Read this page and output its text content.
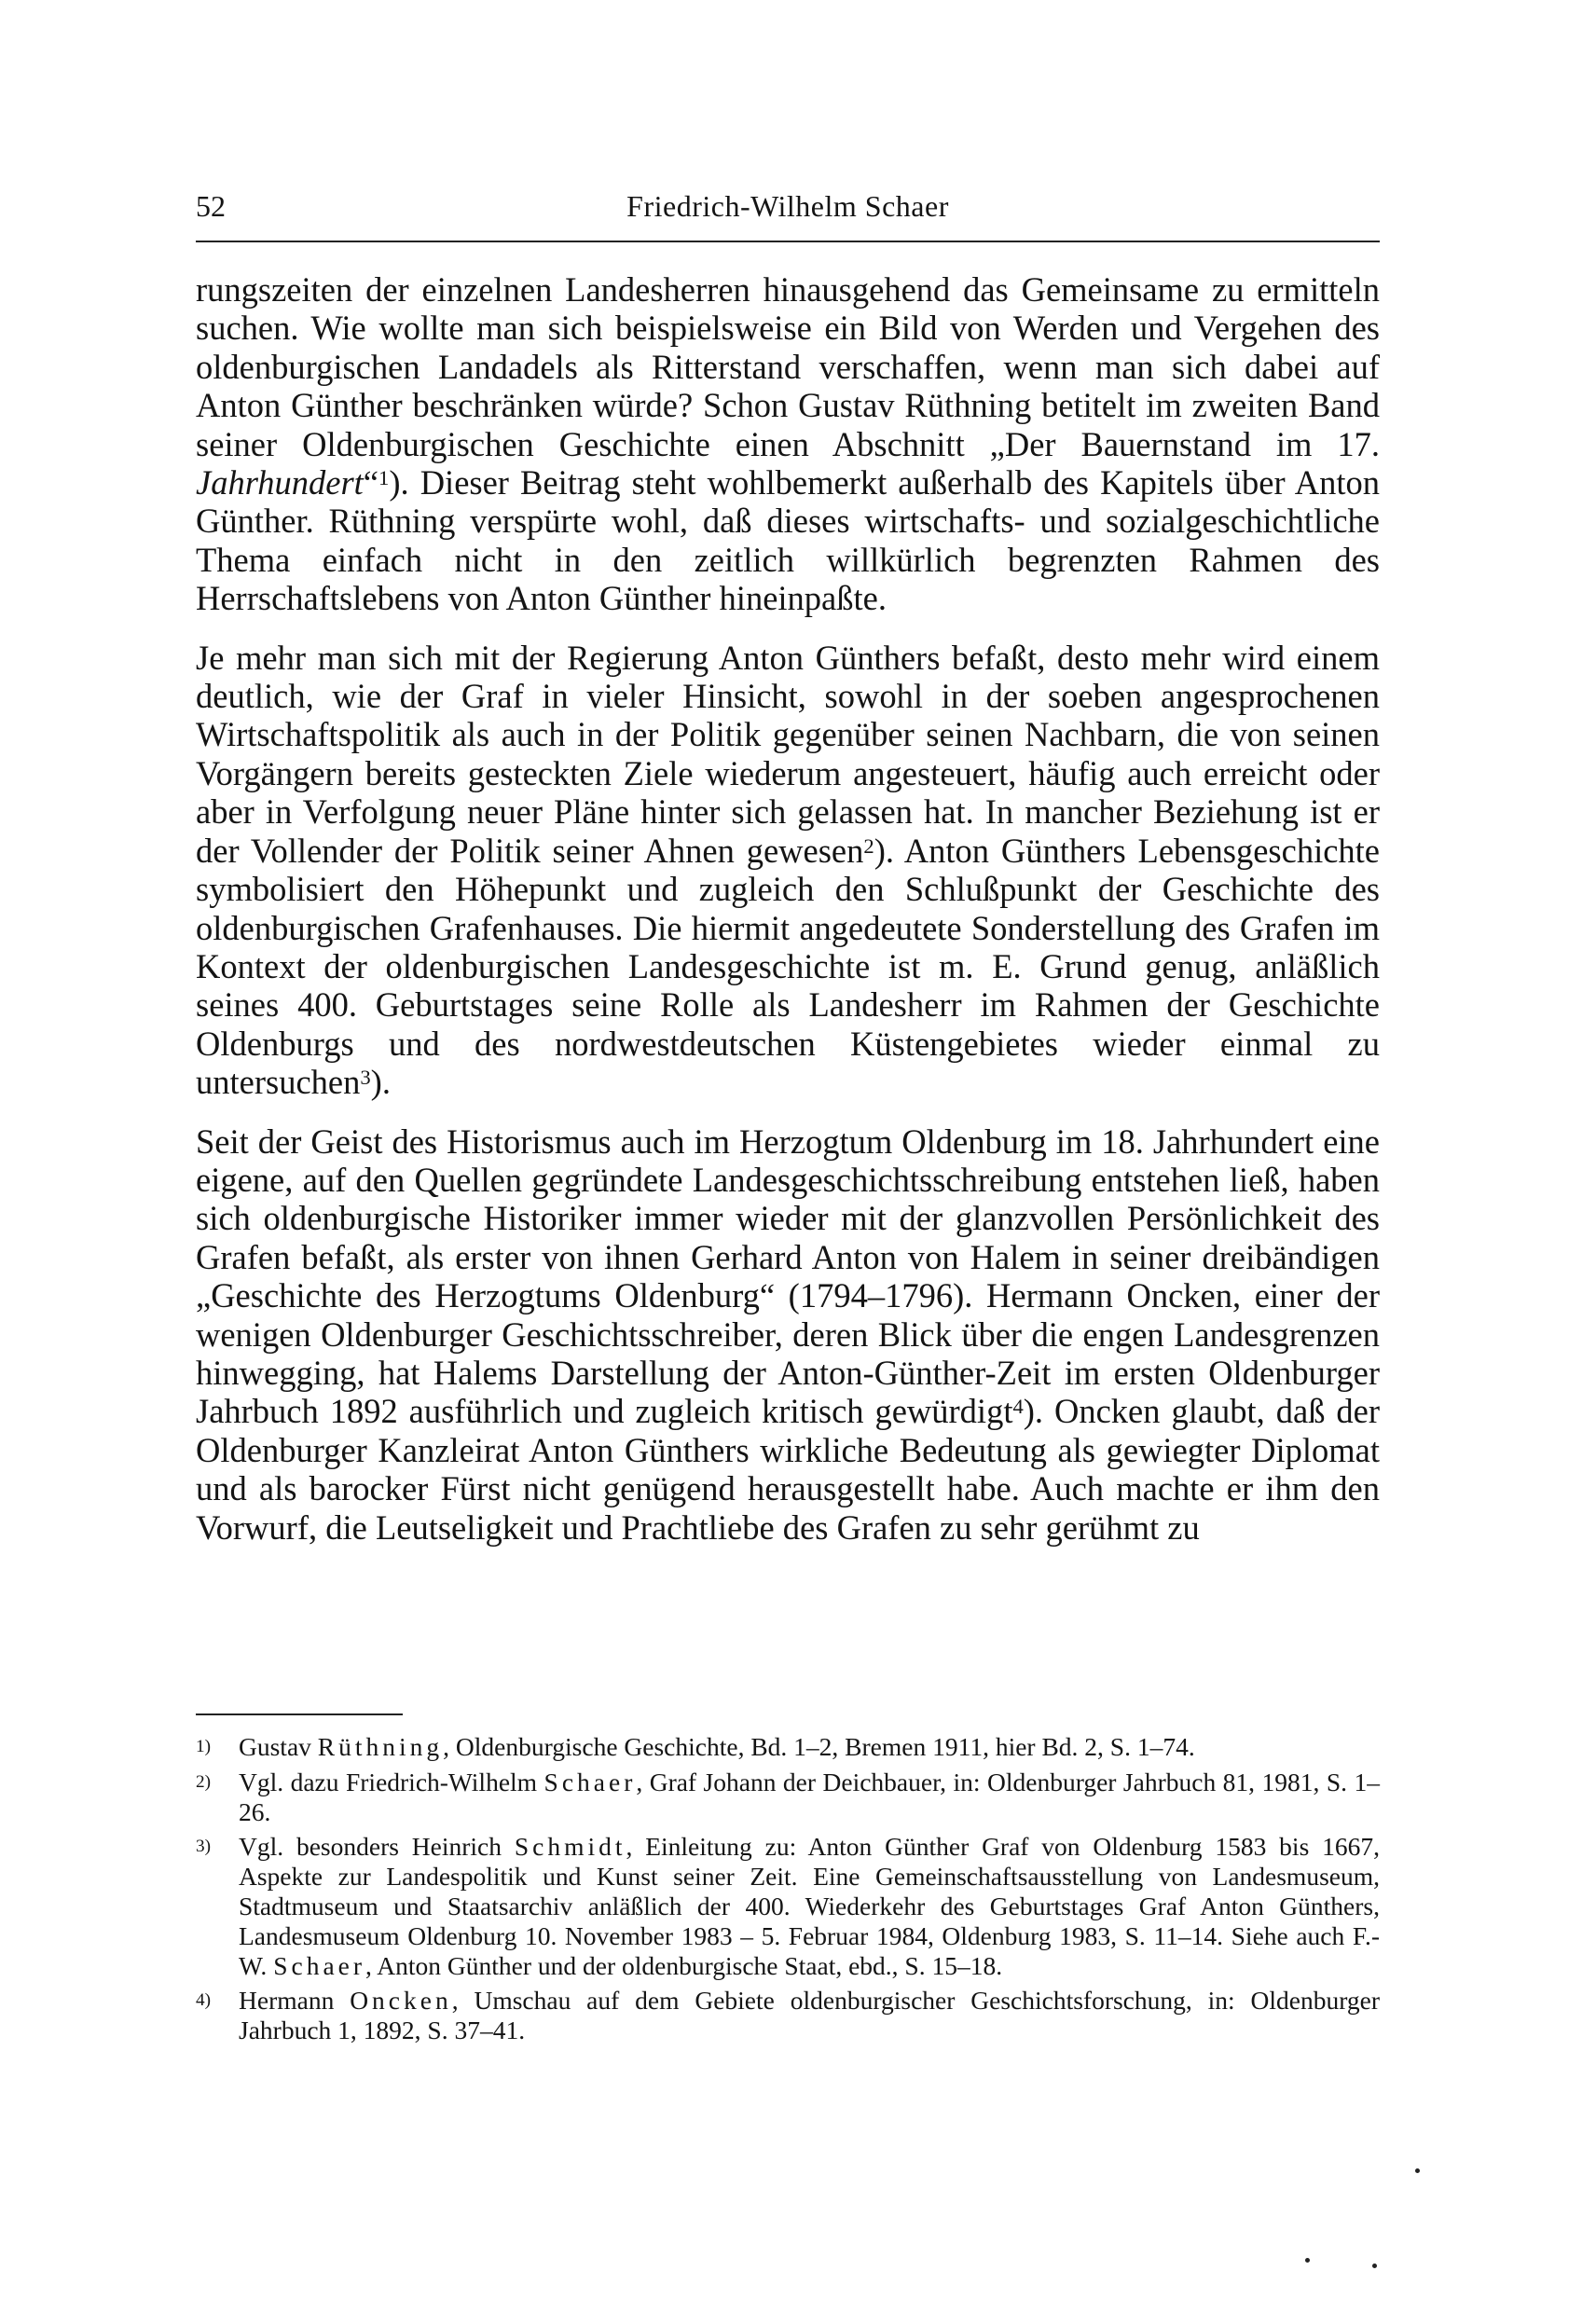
52	Friedrich-Wilhelm Schaer

rungszeiten der einzelnen Landesherren hinausgehend das Gemeinsame zu ermitteln suchen. Wie wollte man sich beispielsweise ein Bild von Werden und Vergehen des oldenburgischen Landadels als Ritterstand verschaffen, wenn man sich dabei auf Anton Günther beschränken würde? Schon Gustav Rüthning betitelt im zweiten Band seiner Oldenburgischen Geschichte einen Abschnitt „Der Bauernstand im 17. Jahrhundert“$^1$). Dieser Beitrag steht wohlbemerkt außerhalb des Kapitels über Anton Günther. Rüthning verspürte wohl, daß dieses wirtschafts- und sozialgeschichtliche Thema einfach nicht in den zeitlich willkürlich begrenzten Rahmen des Herrschaftslebens von Anton Günther hineinpaßte.

Je mehr man sich mit der Regierung Anton Günthers befaßt, desto mehr wird einem deutlich, wie der Graf in vieler Hinsicht, sowohl in der soeben angesprochenen Wirtschaftspolitik als auch in der Politik gegenüber seinen Nachbarn, die von seinen Vorgängern bereits gesteckten Ziele wiederum angesteuert, häufig auch erreicht oder aber in Verfolgung neuer Pläne hinter sich gelassen hat. In mancher Beziehung ist er der Vollender der Politik seiner Ahnen gewesen$^2$). Anton Günthers Lebensgeschichte symbolisiert den Höhepunkt und zugleich den Schlußpunkt der Geschichte des oldenburgischen Grafenhauses. Die hiermit angedeutete Sonderstellung des Grafen im Kontext der oldenburgischen Landesgeschichte ist m. E. Grund genug, anläßlich seines 400. Geburtstages seine Rolle als Landesherr im Rahmen der Geschichte Oldenburgs und des nordwestdeutschen Küstengebietes wieder einmal zu untersuchen$^3$).

Seit der Geist des Historismus auch im Herzogtum Oldenburg im 18. Jahrhundert eine eigene, auf den Quellen gegründete Landesgeschichtsschreibung entstehen ließ, haben sich oldenburgische Historiker immer wieder mit der glanzvollen Persönlichkeit des Grafen befaßt, als erster von ihnen Gerhard Anton von Halem in seiner dreibändigen „Geschichte des Herzogtums Oldenburg“ (1794–1796). Hermann Oncken, einer der wenigen Oldenburger Geschichtsschreiber, deren Blick über die engen Landesgrenzen hinwegging, hat Halems Darstellung der Anton-Günther-Zeit im ersten Oldenburger Jahrbuch 1892 ausführlich und zugleich kritisch gewürdigt$^4$). Oncken glaubt, daß der Oldenburger Kanzleirat Anton Günthers wirkliche Bedeutung als gewiegter Diplomat und als barocker Fürst nicht genügend herausgestellt habe. Auch machte er ihm den Vorwurf, die Leutseligkeit und Prachtliebe des Grafen zu sehr gerühmt zu

1) Gustav Rüthning, Oldenburgische Geschichte, Bd. 1–2, Bremen 1911, hier Bd. 2, S. 1–74.
2) Vgl. dazu Friedrich-Wilhelm Schaer, Graf Johann der Deichbauer, in: Oldenburger Jahrbuch 81, 1981, S. 1–26.
3) Vgl. besonders Heinrich Schmidt, Einleitung zu: Anton Günther Graf von Oldenburg 1583 bis 1667, Aspekte zur Landespolitik und Kunst seiner Zeit. Eine Gemeinschaftsausstellung von Landesmuseum, Stadtmuseum und Staatsarchiv anläßlich der 400. Wiederkehr des Geburtstages Graf Anton Günthers, Landesmuseum Oldenburg 10. November 1983 – 5. Februar 1984, Oldenburg 1983, S. 11–14. Siehe auch F.-W. Schaer, Anton Günther und der oldenburgische Staat, ebd., S. 15–18.
4) Hermann Oncken, Umschau auf dem Gebiete oldenburgischer Geschichtsforschung, in: Oldenburger Jahrbuch 1, 1892, S. 37–41.
